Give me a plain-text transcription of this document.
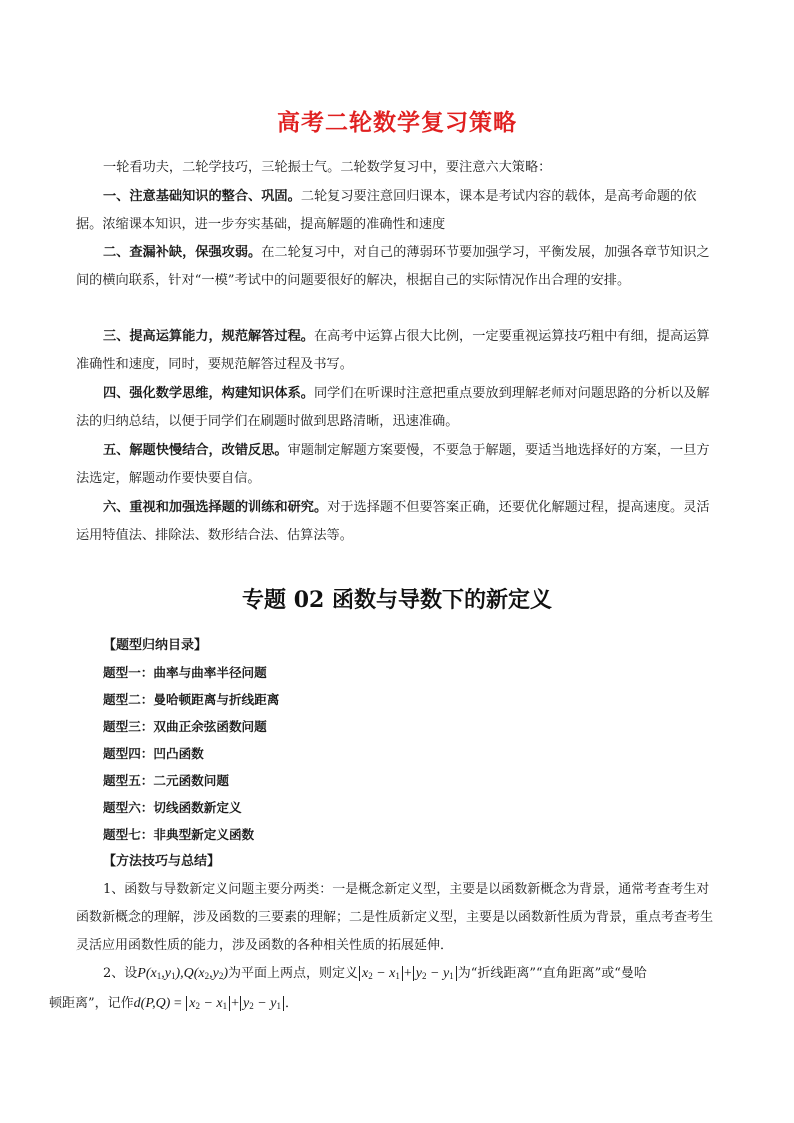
高考二轮数学复习策略
一轮看功夫，二轮学技巧，三轮振士气。二轮数学复习中，要注意六大策略：
一、注意基础知识的整合、巩固。二轮复习要注意回归课本，课本是考试内容的载体，是高考命题的依据。浓缩课本知识，进一步夯实基础，提高解题的准确性和速度
二、查漏补缺，保强攻弱。在二轮复习中，对自己的薄弱环节要加强学习，平衡发展，加强各章节知识之间的横向联系，针对“一模”考试中的问题要很好的解决，根据自己的实际情况作出合理的安排。
三、提高运算能力，规范解答过程。在高考中运算占很大比例，一定要重视运算技巧粗中有细，提高运算准确性和速度，同时，要规范解答过程及书写。
四、强化数学思维，构建知识体系。同学们在听课时注意把重点要放到理解老师对问题思路的分析以及解法的归纳总结，以便于同学们在刷题时做到思路清晰，迅速准确。
五、解题快慢结合，改错反思。审题制定解题方案要慢，不要急于解题，要适当地选择好的方案，一旦方法选定，解题动作要快要自信。
六、重视和加强选择题的训练和研究。对于选择题不但要答案正确，还要优化解题过程，提高速度。灵活运用特值法、排除法、数形结合法、估算法等。
专题 02 函数与导数下的新定义
【题型归纳目录】
题型一：曲率与曲率半径问题
题型二：曼哈顿距离与折线距离
题型三：双曲正余弦函数问题
题型四：凹凸函数
题型五：二元函数问题
题型六：切线函数新定义
题型七：非典型新定义函数
【方法技巧与总结】
1、函数与导数新定义问题主要分两类：一是概念新定义型，主要是以函数新概念为背景，通常考查考生对函数新概念的理解，涉及函数的三要素的理解；二是性质新定义型，主要是以函数新性质为背景，重点考查考生灵活应用函数性质的能力，涉及函数的各种相关性质的拓展延伸．
2、设$P(x_1,y_1),Q(x_2,y_2)$为平面上两点，则定义 $x_2 - x_1 + y_2 - y_1$ 为“折线距离”“直角距离”或“曼哈
顿距离”，记作$d(P,Q) = x_2 - x_1 + y_2 - y_1$ ．
